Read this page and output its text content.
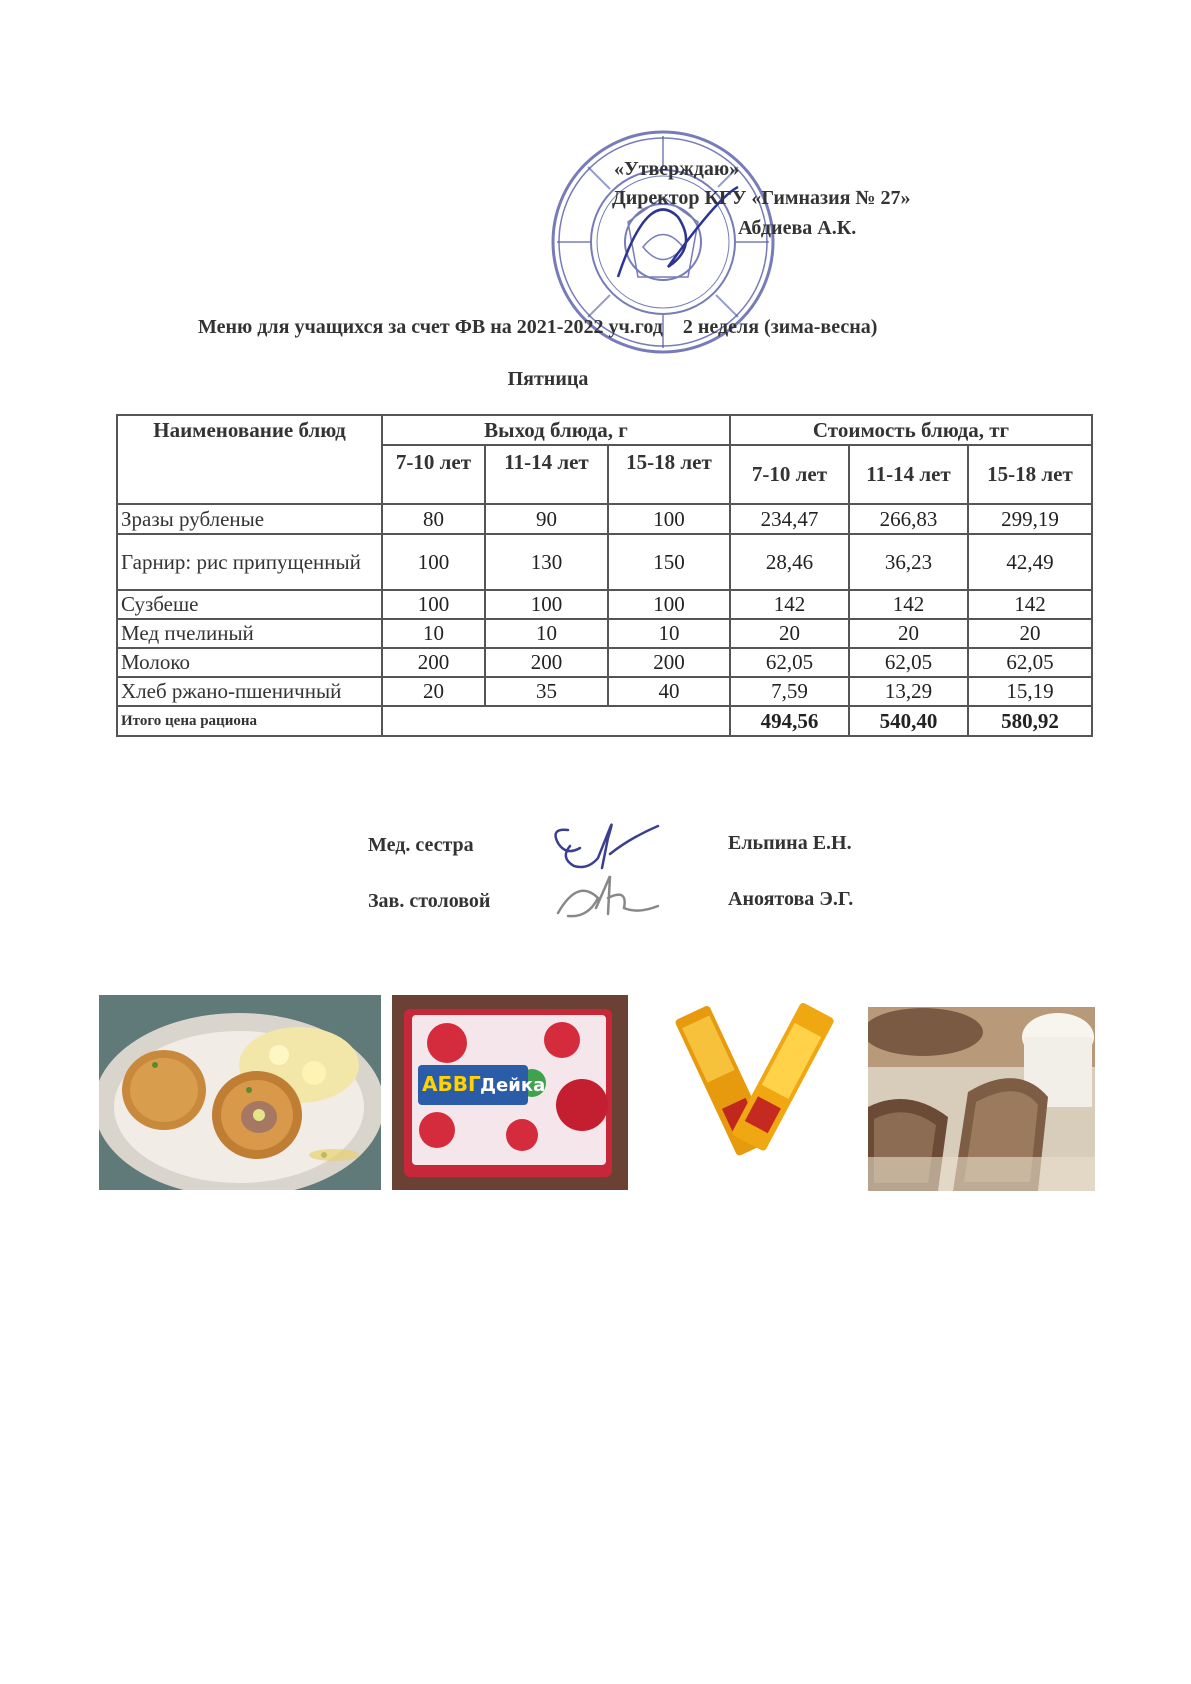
«Утверждаю»
Директор КГУ «Гимназия № 27»
Абдиева А.К.
Меню для учащихся за счет ФВ на 2021-2022 уч.год    2 неделя (зима-весна)
Пятница
Наименование блюд	Выход блюда, г			Стоимость блюда, тг		
	7-10 лет	11-14 лет	15-18 лет	7-10 лет	11-14 лет	15-18 лет
Зразы рубленые	80	90	100	234,47	266,83	299,19
Гарнир: рис припущенный	100	130	150	28,46	36,23	42,49
Сузбеше	100	100	100	142	142	142
Мед пчелиный	10	10	10	20	20	20
Молоко	200	200	200	62,05	62,05	62,05
Хлеб ржано-пшеничный	20	35	40	7,59	13,29	15,19
Итого цена рациона				494,56	540,40	580,92
Мед. сестра	Ельпина Е.Н.
Зав. столовой	Аноятова Э.Г.
АБВГ Дейка
